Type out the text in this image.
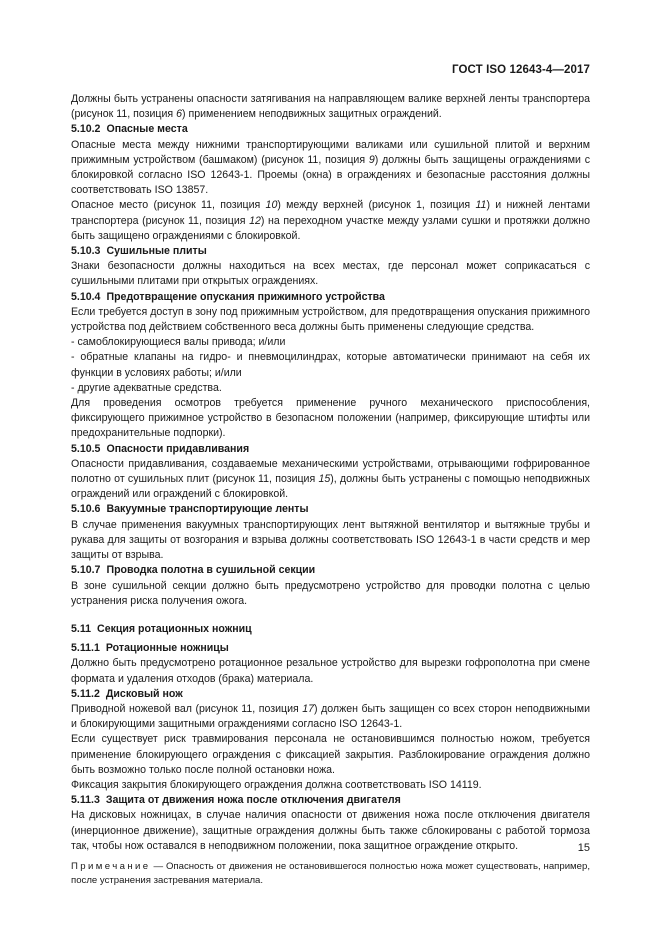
ГОСТ ISO 12643-4—2017

Должны быть устранены опасности затягивания на направляющем валике верхней ленты транспортера (рисунок 11, позиция 6) применением неподвижных защитных ограждений.

5.10.2 Опасные места

Опасные места между нижними транспортирующими валиками или сушильной плитой и верхним прижимным устройством (башмаком) (рисунок 11, позиция 9) должны быть защищены ограждениями с блокировкой согласно ISO 12643-1. Проемы (окна) в ограждениях и безопасные расстояния должны соответствовать ISO 13857.

Опасное место (рисунок 11, позиция 10) между верхней (рисунок 1, позиция 11) и нижней лентами транспортера (рисунок 11, позиция 12) на переходном участке между узлами сушки и протяжки должно быть защищено ограждениями с блокировкой.

5.10.3 Сушильные плиты

Знаки безопасности должны находиться на всех местах, где персонал может соприкасаться с сушильными плитами при открытых ограждениях.

5.10.4 Предотвращение опускания прижимного устройства

Если требуется доступ в зону под прижимным устройством, для предотвращения опускания прижимного устройства под действием собственного веса должны быть применены следующие средства.

- самоблокирующиеся валы привода; и/или

- обратные клапаны на гидро- и пневмоцилиндрах, которые автоматически принимают на себя их функции в условиях работы; и/или

- другие адекватные средства.

Для проведения осмотров требуется применение ручного механического приспособления, фиксирующего прижимное устройство в безопасном положении (например, фиксирующие штифты или предохранительные подпорки).

5.10.5 Опасности придавливания

Опасности придавливания, создаваемые механическими устройствами, отрывающими гофрированное полотно от сушильных плит (рисунок 11, позиция 15), должны быть устранены с помощью неподвижных ограждений или ограждений с блокировкой.

5.10.6 Вакуумные транспортирующие ленты

В случае применения вакуумных транспортирующих лент вытяжной вентилятор и вытяжные трубы и рукава для защиты от возгорания и взрыва должны соответствовать ISO 12643-1 в части средств и мер защиты от взрыва.

5.10.7 Проводка полотна в сушильной секции

В зоне сушильной секции должно быть предусмотрено устройство для проводки полотна с целью устранения риска получения ожога.

5.11 Секция ротационных ножниц

5.11.1 Ротационные ножницы

Должно быть предусмотрено ротационное резальное устройство для вырезки гофрополотна при смене формата и удаления отходов (брака) материала.

5.11.2 Дисковый нож

Приводной ножевой вал (рисунок 11, позиция 17) должен быть защищен со всех сторон неподвижными и блокирующими защитными ограждениями согласно ISO 12643-1.

Если существует риск травмирования персонала не остановившимся полностью ножом, требуется применение блокирующего ограждения с фиксацией закрытия. Разблокирование ограждения должно быть возможно только после полной остановки ножа.

Фиксация закрытия блокирующего ограждения должна соответствовать ISO 14119.

5.11.3 Защита от движения ножа после отключения двигателя

На дисковых ножницах, в случае наличия опасности от движения ножа после отключения двигателя (инерционное движение), защитные ограждения должны быть также сблокированы с работой тормоза так, чтобы нож оставался в неподвижном положении, пока защитное ограждение открыто.

Примечание — Опасность от движения не остановившегося полностью ножа может существовать, например, после устранения застревания материала.

15
